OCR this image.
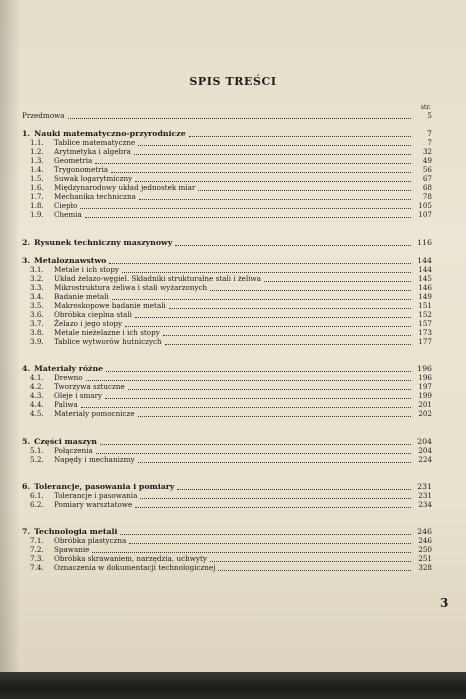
SPIS TREŚCI
str.
Przedmowa	5
1. Nauki matematyczno-przyrodnicze	7
1.1.	Tablice matematyczne	7
1.2.	Arytmetyka i algebra	32
1.3.	Geometria	49
1.4.	Trygonometria	56
1.5.	Suwak logarytmiczny	67
1.6.	Międzynarodowy układ jednostek miar	68
1.7.	Mechanika techniczna	78
1.8.	Ciepło	105
1.9.	Chemia	107
2. Rysunek techniczny maszynowy	116
3. Metaloznawstwo	144
3.1.	Metale i ich stopy	144
3.2.	Układ żelazo-węgiel. Składniki strukturalne stali i żeliwa	145
3.3.	Mikrostruktura żeliwa i stali wyżarzonych	146
3.4.	Badanie metali	149
3.5.	Makroskopowe badanie metali	151
3.6.	Obróbka cieplna stali	152
3.7.	Żelazo i jego stopy	157
3.8.	Metale nieżelazne i ich stopy	173
3.9.	Tablice wytworów hutniczych	177
4. Materiały różne	196
4.1.	Drewno	196
4.2.	Tworzywa sztuczne	197
4.3.	Oleje i smary	199
4.4.	Paliwa	201
4.5.	Materiały pomocnicze	202
5. Części maszyn	204
5.1.	Połączenia	204
5.2.	Napędy i mechanizmy	224
6. Tolerancje, pasowania i pomiary	231
6.1.	Tolerancje i pasowania	231
6.2.	Pomiary warsztatowe	234
7. Technologia metali	246
7.1.	Obróbka plastyczna	246
7.2.	Spawanie	250
7.3.	Obróbka skrawaniem, narzędzia, uchwyty	251
7.4.	Oznaczenia w dokumentacji technologicznej	328
3
